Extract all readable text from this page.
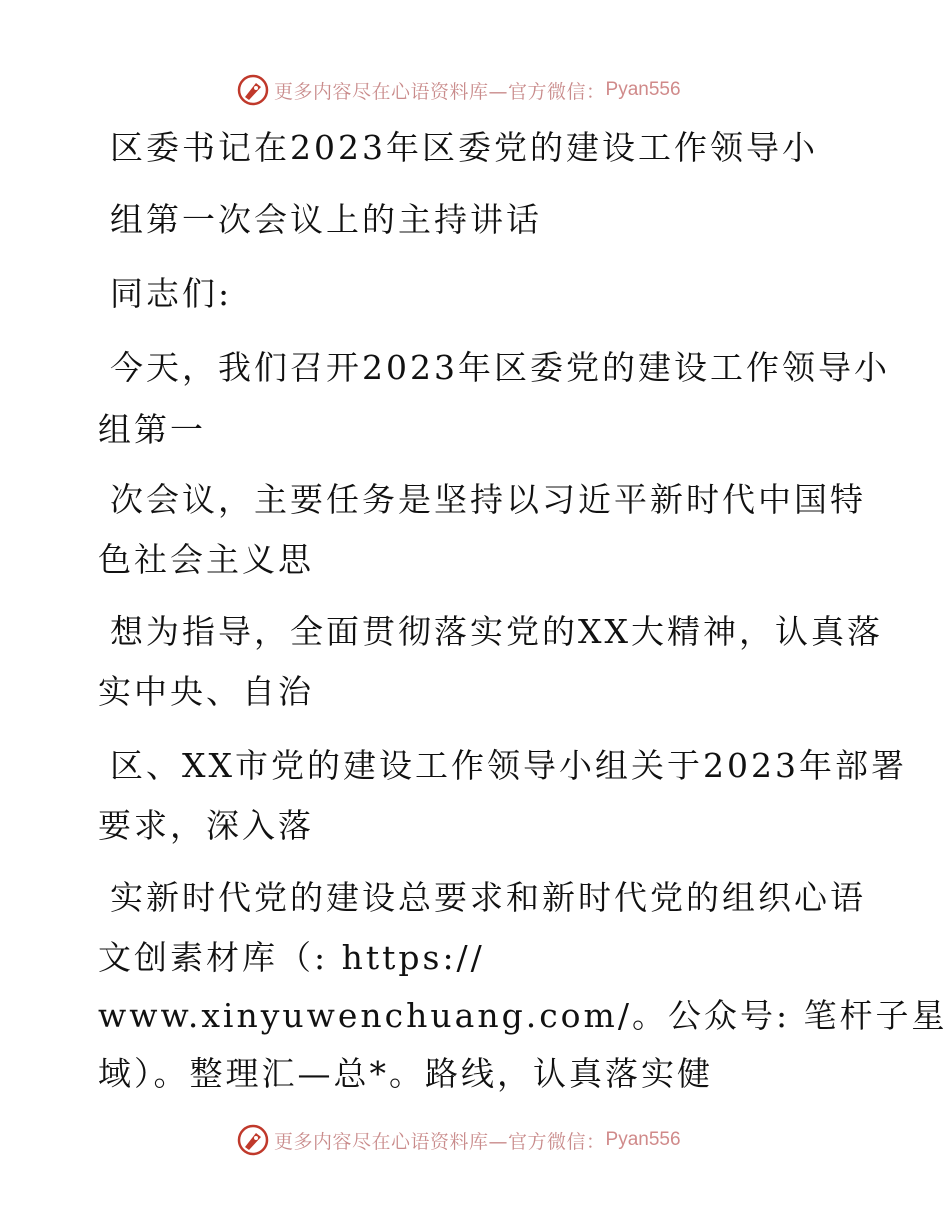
更多内容尽在心语资料库—官方微信： Pyan556
区委书记在2023年区委党的建设工作领导小
组第一次会议上的主持讲话
同志们:
今天，我们召开2023年区委党的建设工作领导小
组第一
次会议，主要任务是坚持以习近平新时代中国特
色社会主义思
想为指导，全面贯彻落实党的XX大精神，认真落
实中央、自治
区、XX市党的建设工作领导小组关于2023年部署
要求，深入落
实新时代党的建设总要求和新时代党的组织心语
文创素材库（: https://
www.xinyuwenchuang.com/。公众号: 笔杆子星
域）。整理汇—总*。路线，认真落实健
更多内容尽在心语资料库—官方微信： Pyan556
